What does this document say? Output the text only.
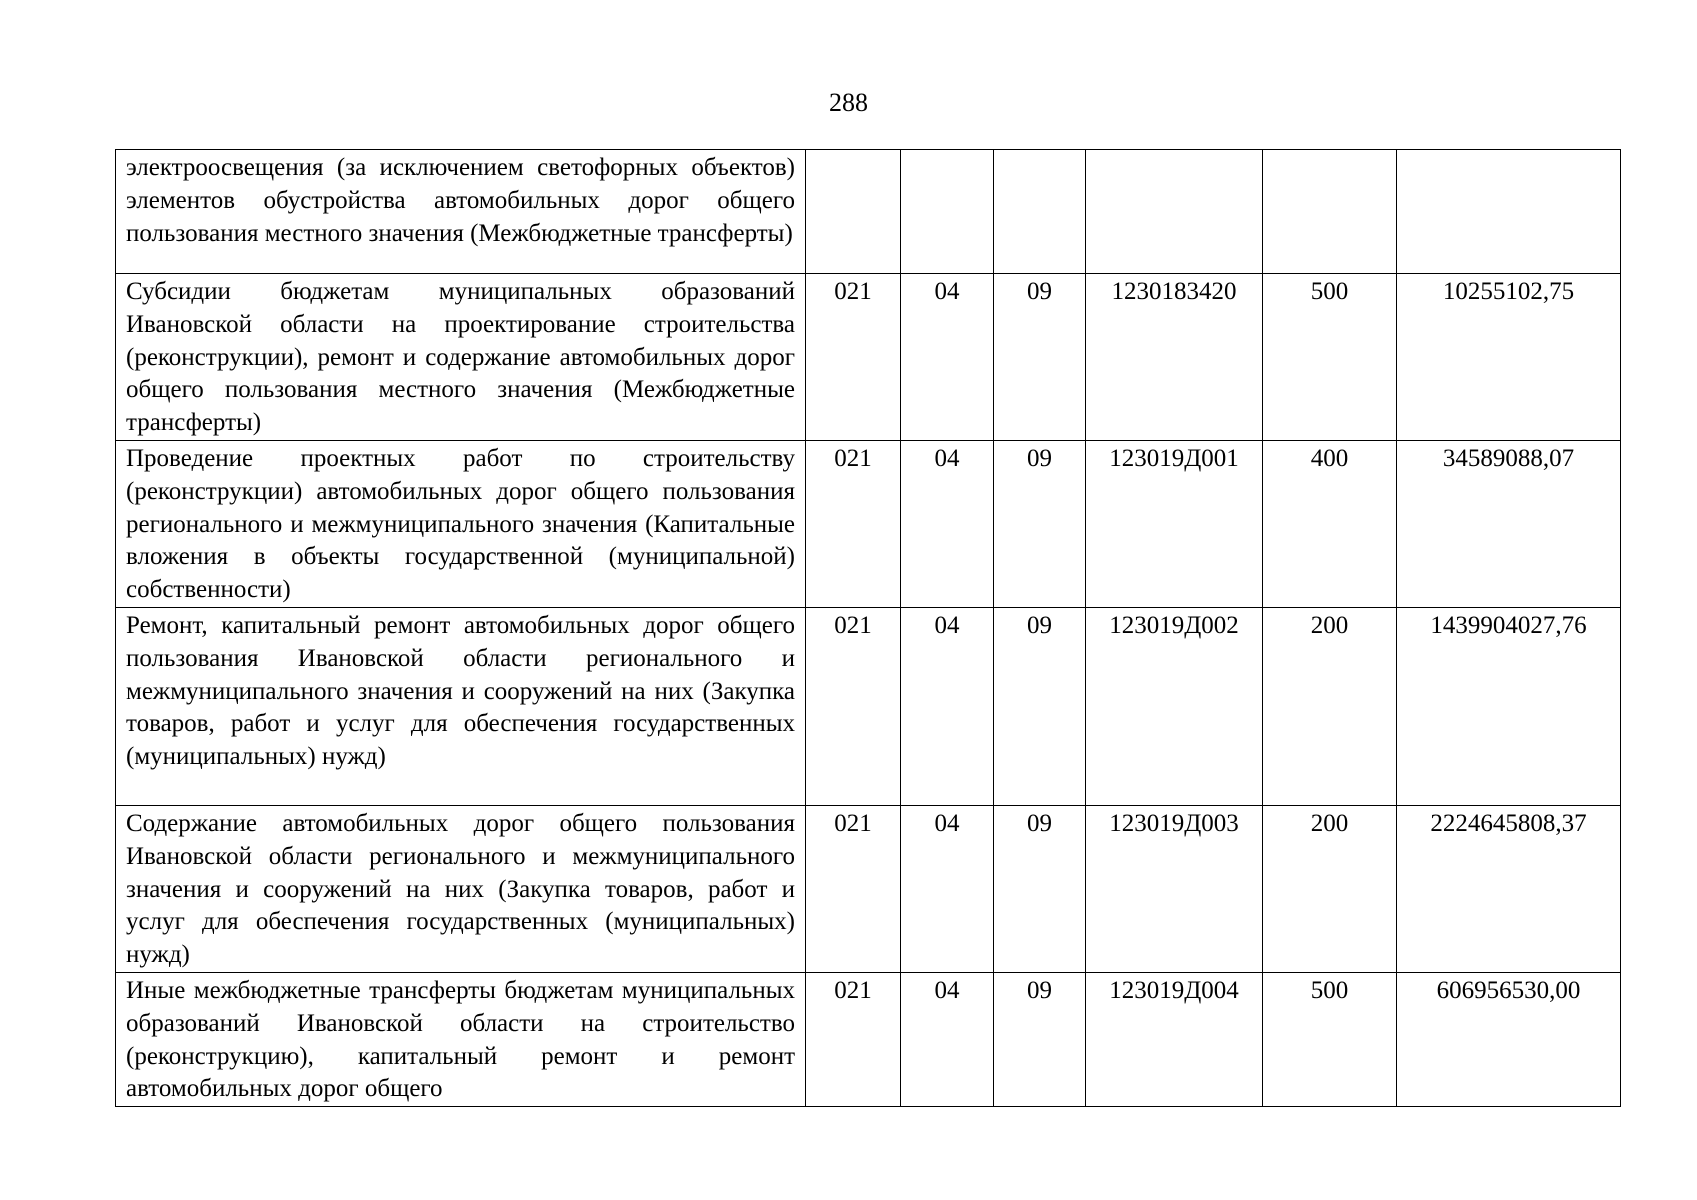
288
электроосвещения (за исключением светофорных объектов) элементов обустройства автомобильных дорог общего пользования местного значения (Межбюджетные трансферты)						
Субсидии бюджетам муниципальных образований Ивановской области на проектирование строительства (реконструкции), ремонт и содержание автомобильных дорог общего пользования местного значения (Межбюджетные трансферты)	021	04	09	1230183420	500	10255102,75
Проведение проектных работ по строительству (реконструкции) автомобильных дорог общего пользования регионального и межмуниципального значения (Капитальные вложения в объекты государственной (муниципальной) собственности)	021	04	09	123019Д001	400	34589088,07
Ремонт, капитальный ремонт автомобильных дорог общего пользования Ивановской области регионального и межмуниципального значения и сооружений на них (Закупка товаров, работ и услуг для обеспечения государственных (муниципальных) нужд)	021	04	09	123019Д002	200	1439904027,76
Содержание автомобильных дорог общего пользования Ивановской области регионального и межмуниципального значения и сооружений на них (Закупка товаров, работ и услуг для обеспечения государственных (муниципальных) нужд)	021	04	09	123019Д003	200	2224645808,37
Иные межбюджетные трансферты бюджетам муниципальных образований Ивановской области на строительство (реконструкцию), капитальный ремонт и ремонт автомобильных дорог общего	021	04	09	123019Д004	500	606956530,00
